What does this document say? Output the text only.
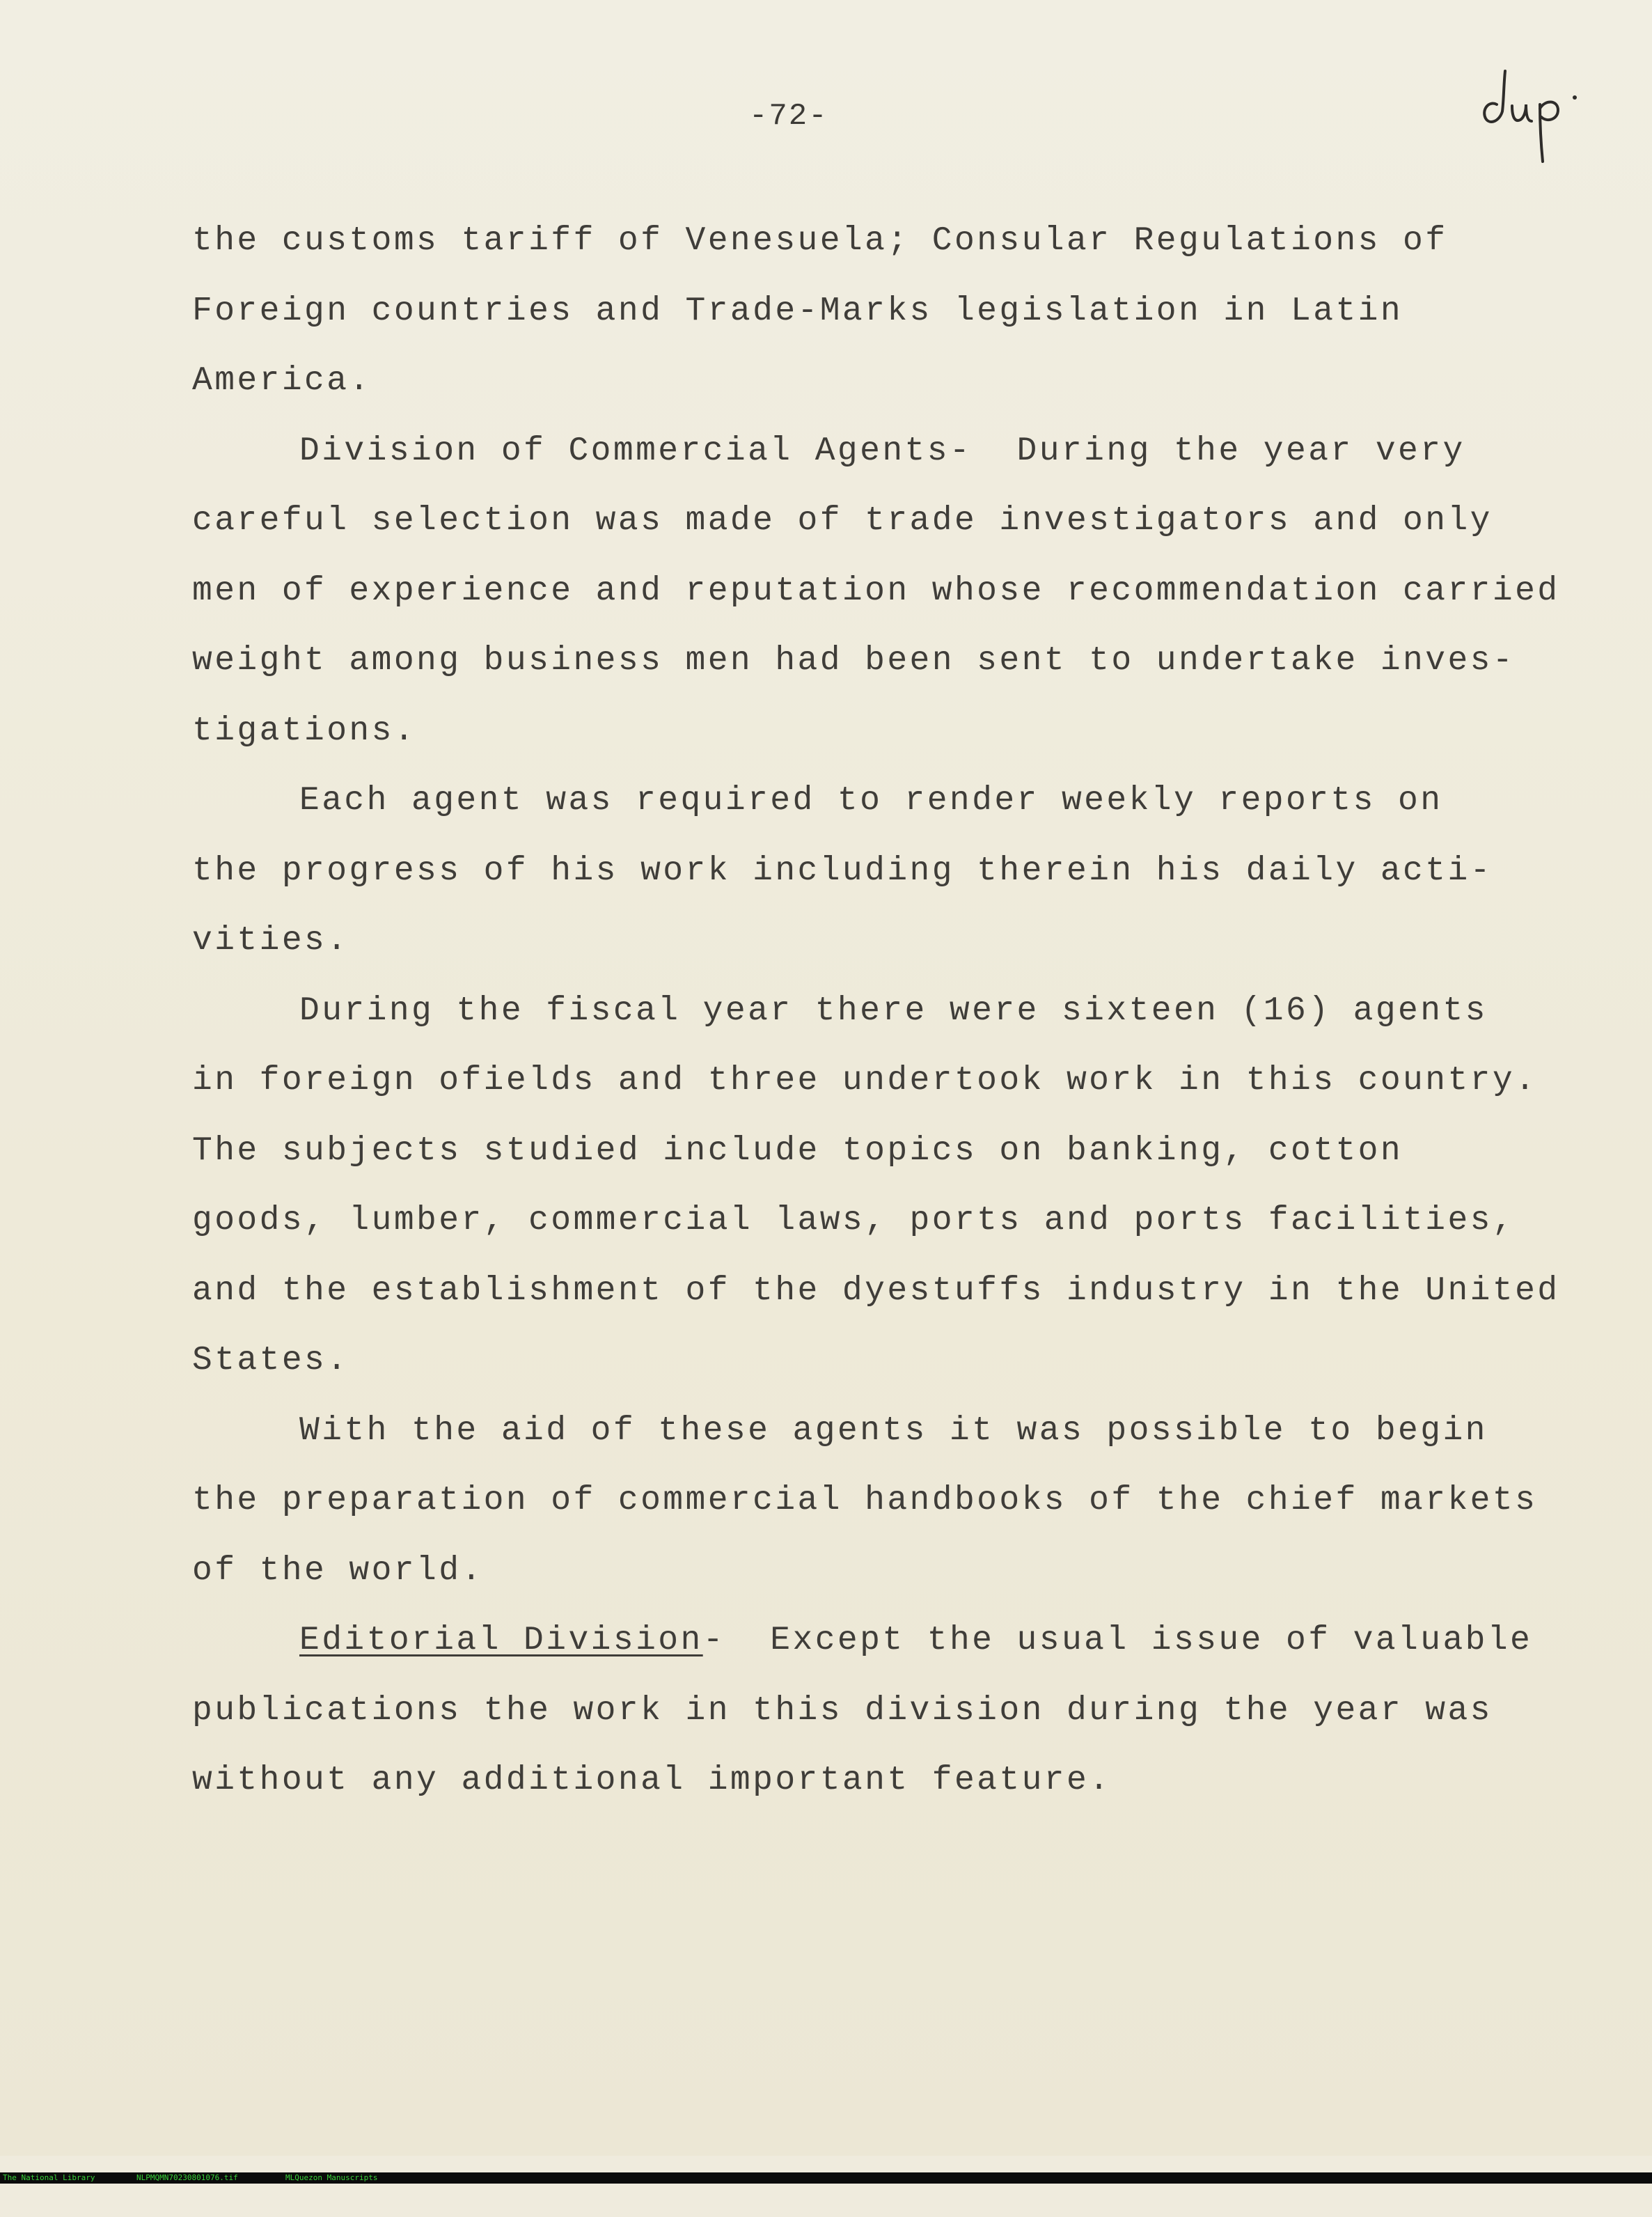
-72-
the customs tariff of Venesuela; Consular Regulations of
Foreign countries and Trade-Marks legislation in Latin
America.
Division of Commercial Agents-  During the year very
careful selection was made of trade investigators and only
men of experience and reputation whose recommendation carried
weight among business men had been sent to undertake inves-
tigations.
Each agent was required to render weekly reports on
the progress of his work including therein his daily acti-
vities.
During the fiscal year there were sixteen (16) agents
in foreign ofields and three undertook work in this country.
The subjects studied include topics on banking, cotton
goods, lumber, commercial laws, ports and ports facilities,
and the establishment of the dyestuffs industry in the United
States.
With the aid of these agents it was possible to begin
the preparation of commercial handbooks of the chief markets
of the world.
Editorial Division-  Except the usual issue of valuable
publications the work in this division during the year was
without any additional important feature.

The National Library

	NLPMQMN70230801076.tif

	MLQuezon Manuscripts
